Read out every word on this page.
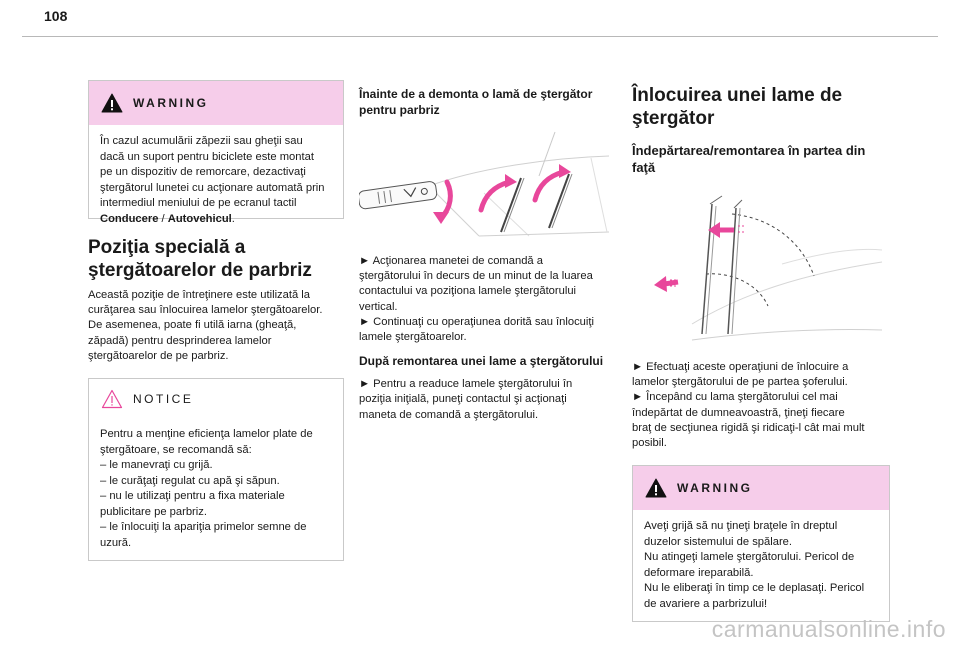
108
WARNING
În cazul acumulării zăpezii sau gheţii sau
dacă un suport pentru biciclete este montat
pe un dispozitiv de remorcare, dezactivaţi
ştergătorul lunetei cu acţionare automată prin
intermediul meniului de pe ecranul tactil
Conducere / Autovehicul.
Poziţia specială a
ştergătoarelor de parbriz
Această poziţie de întreţinere este utilizată la
curăţarea sau înlocuirea lamelor ştergătoarelor.
De asemenea, poate fi utilă iarna (gheaţă,
zăpadă) pentru desprinderea lamelor
ştergătoarelor de pe parbriz.
NOTICE
Pentru a menţine eficienţa lamelor plate de
ştergătoare, se recomandă să:
– le manevraţi cu grijă.
– le curăţaţi regulat cu apă şi săpun.
– nu le utilizaţi pentru a fixa materiale
publicitare pe parbriz.
– le înlocuiţi la apariţia primelor semne de
uzură.
Înainte de a demonta o lamă de ştergător
pentru parbriz
► Acţionarea manetei de comandă a
ştergătorului în decurs de un minut de la luarea
contactului va poziţiona lamele ştergătorului
vertical.
► Continuaţi cu operaţiunea dorită sau înlocuiţi
lamele ştergătoarelor.
După remontarea unei lame a ştergătorului
► Pentru a readuce lamele ştergătorului în
poziţia iniţială, puneţi contactul şi acţionaţi
maneta de comandă a ştergătorului.
Înlocuirea unei lame de
ştergător
Îndepărtarea/remontarea în partea din
faţă
► Efectuaţi aceste operaţiuni de înlocuire a
lamelor ştergătorului de pe partea şoferului.
► Începând cu lama ştergătorului cel mai
îndepărtat de dumneavoastră, ţineţi fiecare
braţ de secţiunea rigidă şi ridicaţi-l cât mai mult
posibil.
WARNING
Aveţi grijă să nu ţineţi braţele în dreptul
duzelor sistemului de spălare.
Nu atingeţi lamele ştergătorului. Pericol de
deformare ireparabilă.
Nu le eliberaţi în timp ce le deplasaţi. Pericol
de avariere a parbrizului!
carmanualsonline.info
